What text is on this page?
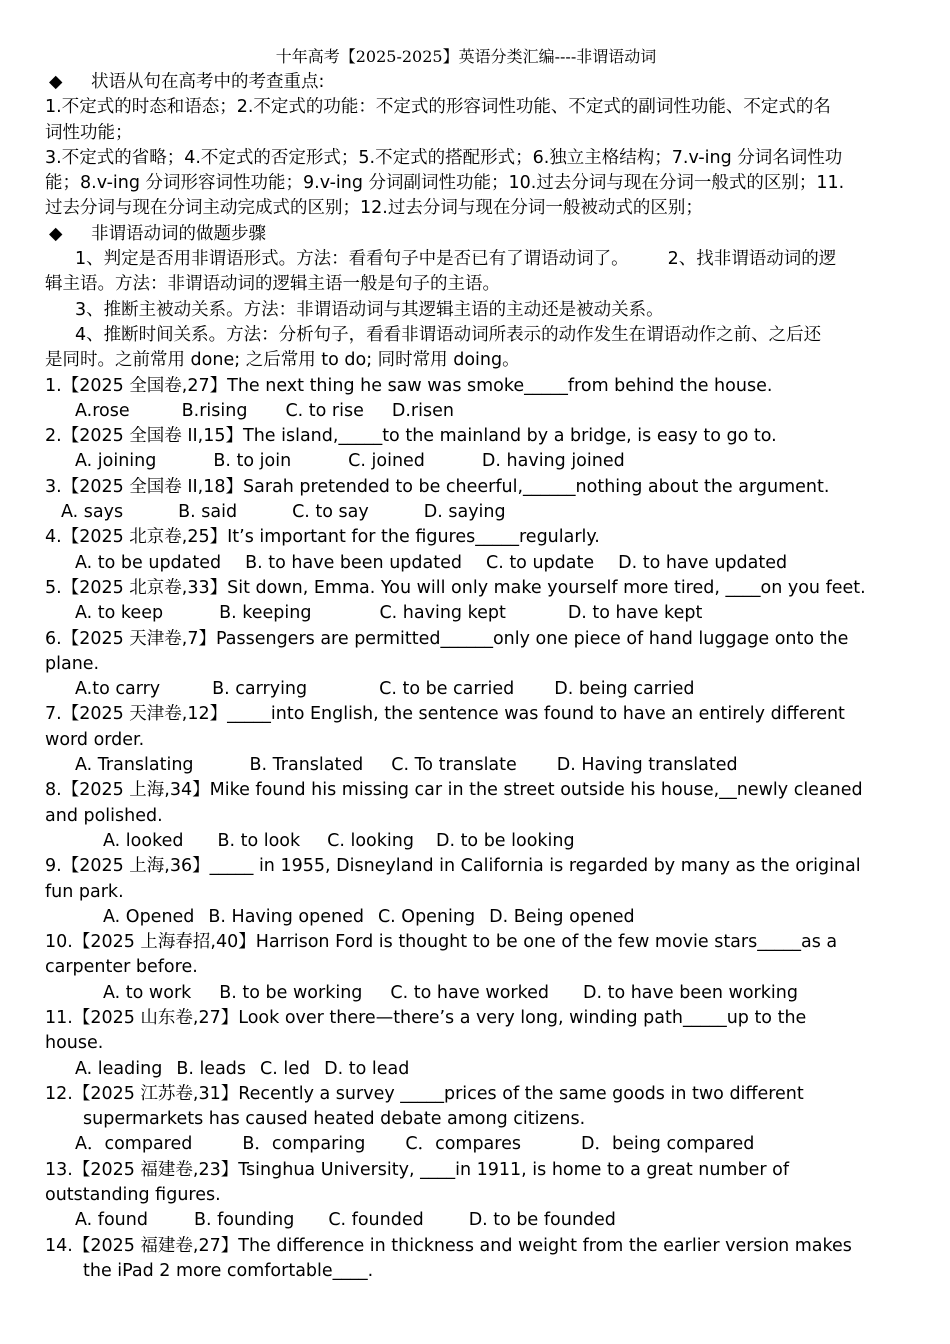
十年高考【2025-2025】英语分类汇编----非谓语动词
◆ 状语从句在高考中的考查重点:
1.不定式的时态和语态；2.不定式的功能：不定式的形容词性功能、不定式的副词性功能、不定式的名
词性功能；
3.不定式的省略；4.不定式的否定形式；5.不定式的搭配形式；6.独立主格结构；7.v-ing 分词名词性功
能；8.v-ing 分词形容词性功能；9.v-ing 分词副词性功能；10.过去分词与现在分词一般式的区别；11.
过去分词与现在分词主动完成式的区别；12.过去分词与现在分词一般被动式的区别；
◆ 非谓语动词的做题步骤
1、判定是否用非谓语形式。方法：看看句子中是否已有了谓语动词了。       2、找非谓语动词的逻
辑主语。方法：非谓语动词的逻辑主语一般是句子的主语。
3、推断主被动关系。方法：非谓语动词与其逻辑主语的主动还是被动关系。
4、推断时间关系。方法：分析句子，看看非谓语动词所表示的动作发生在谓语动作之前、之后还
是同时。之前常用 done; 之后常用 to do; 同时常用 doing。
1.【2025 全国卷,27】The next thing he saw was smoke_____from behind the house.
A.rose	B.rising C. to rise D.risen
2.【2025 全国卷 II,15】The island,_____to the mainland by a bridge, is easy to go to.
A. joining	B. to join	C. joined	D. having joined
3.【2025 全国卷 II,18】Sarah pretended to be cheerful,______nothing about the argument.
A. says	B. said	C. to say	D. saying
4.【2025 北京卷,25】It’s important for the figures_____regularly.
A. to be updated B. to have been updated C. to update D. to have updated
5.【2025 北京卷,33】Sit down, Emma. You will only make yourself more tired, ____on you feet.
A. to keep	B. keeping	C. having kept	D. to have kept
6.【2025 天津卷,7】Passengers are permitted______only one piece of hand luggage onto the
plane.
A.to carry	B. carrying	C. to be carried D. being carried
7.【2025 天津卷,12】_____into English, the sentence was found to have an entirely different
word order.
A. Translating	B. Translated C. To translate D. Having translated
8.【2025 上海,34】Mike found his missing car in the street outside his house,__newly cleaned
and polished.
A. looked B. to look C. looking D. to be looking
9.【2025 上海,36】_____ in 1955, Disneyland in California is regarded by many as the original
fun park.
A. Opened B. Having opened C. Opening D. Being opened
10.【2025 上海春招,40】Harrison Ford is thought to be one of the few movie stars_____as a
carpenter before.
A. to work B. to be working C. to have worked D. to have been working
11.【2025 山东卷,27】Look over there—there’s a very long, winding path_____up to the
house.
A. leading B. leads C. led D. to lead
12.【2025 江苏卷,31】Recently a survey _____prices of the same goods in two different
supermarkets has caused heated debate among citizens.
A．compared	B．comparing C．compares	D．being compared
13.【2025 福建卷,23】Tsinghua University, ____in 1911, is home to a great number of
outstanding figures.
A. found	B. founding C. founded	D. to be founded
14.【2025 福建卷,27】The difference in thickness and weight from the earlier version makes
the iPad 2 more comfortable____.
